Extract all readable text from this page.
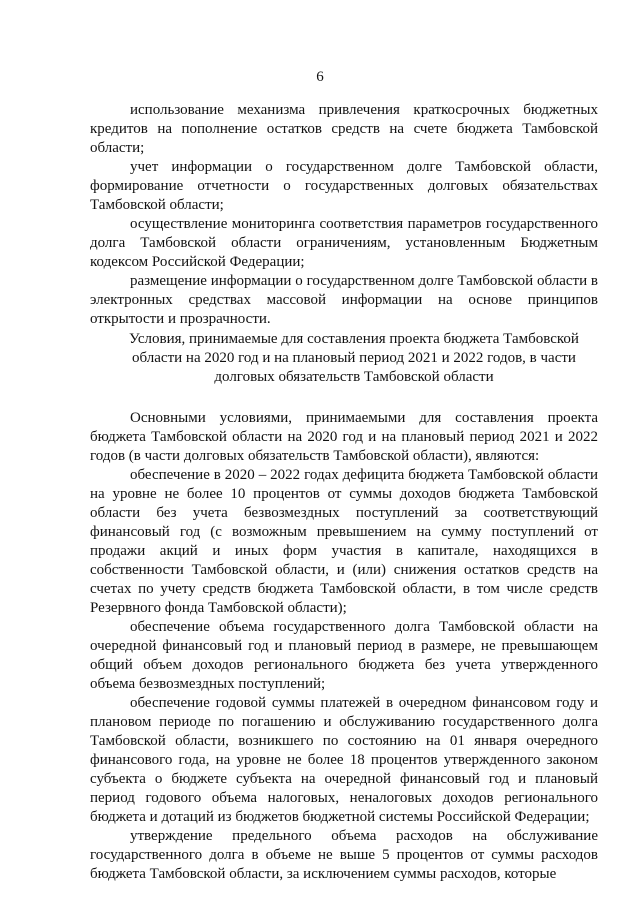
6

использование механизма привлечения краткосрочных бюджетных кредитов на пополнение остатков средств на счете бюджета Тамбовской области;

учет информации о государственном долге Тамбовской области, формирование отчетности о государственных долговых обязательствах Тамбовской области;

осуществление мониторинга соответствия параметров государственного долга Тамбовской области ограничениям, установленным Бюджетным кодексом Российской Федерации;

размещение информации о государственном долге Тамбовской области в электронных средствах массовой информации на основе принципов открытости и прозрачности.

Условия, принимаемые для составления проекта бюджета Тамбовской области на 2020 год и на плановый период 2021 и 2022 годов, в части долговых обязательств Тамбовской области

Основными условиями, принимаемыми для составления проекта бюджета Тамбовской области на 2020 год и на плановый период 2021 и 2022 годов (в части долговых обязательств Тамбовской области), являются:

обеспечение в 2020 – 2022 годах дефицита бюджета Тамбовской области на уровне не более 10 процентов от суммы доходов бюджета Тамбовской области без учета безвозмездных поступлений за соответствующий финансовый год (с возможным превышением на сумму поступлений от продажи акций и иных форм участия в капитале, находящихся в собственности Тамбовской области, и (или) снижения остатков средств на счетах по учету средств бюджета Тамбовской области, в том числе средств Резервного фонда Тамбовской области);

обеспечение объема государственного долга Тамбовской области на очередной финансовый год и плановый период в размере, не превышающем общий объем доходов регионального бюджета без учета утвержденного объема безвозмездных поступлений;

обеспечение годовой суммы платежей в очередном финансовом году и плановом периоде по погашению и обслуживанию государственного долга Тамбовской области, возникшего по состоянию на 01 января очередного финансового года, на уровне не более 18 процентов утвержденного законом субъекта о бюджете субъекта на очередной финансовый год и плановый период годового объема налоговых, неналоговых доходов регионального бюджета и дотаций из бюджетов бюджетной системы Российской Федерации;

утверждение предельного объема расходов на обслуживание государственного долга в объеме не выше 5 процентов от суммы расходов бюджета Тамбовской области, за исключением суммы расходов, которые
